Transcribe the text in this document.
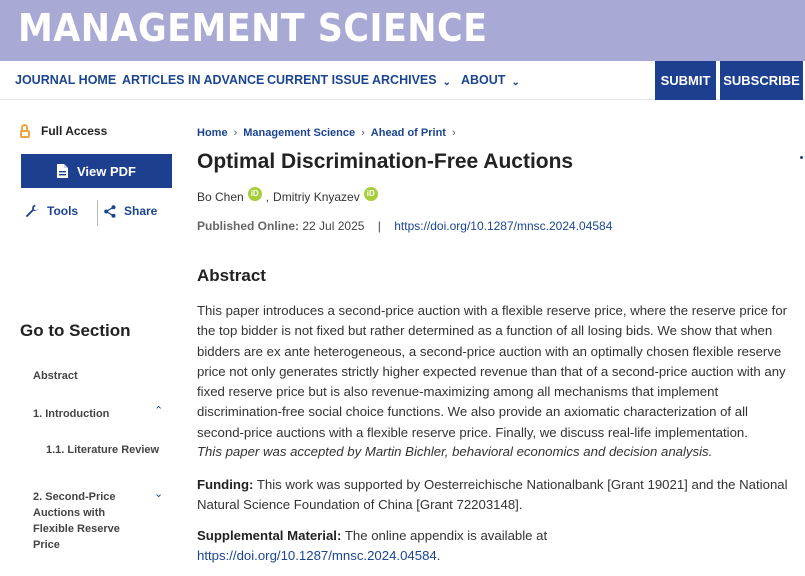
MANAGEMENT SCIENCE
JOURNAL HOME ARTICLES IN ADVANCE CURRENT ISSUE ARCHIVES ⌄ ABOUT ⌄	SUBMIT SUBSCRIBE
Full Access
View PDF
Tools	Share
Go to Section
Abstract
1. Introduction	⌃
1.1. Literature Review
2. Second-Price
Auctions with
Flexible Reserve
Price
⌄
Home › Management Science › Ahead of Print ›
Optimal Discrimination-Free Auctions
Bo Chen iD , Dmitriy Knyazev iD
Published Online: 22 Jul 2025 | https://doi.org/10.1287/mnsc.2024.04584
Abstract
This paper introduces a second-price auction with a flexible reserve price, where the reserve price for the top bidder is not fixed but rather determined as a function of all losing bids. We show that when bidders are ex ante heterogeneous, a second-price auction with an optimally chosen flexible reserve price not only generates strictly higher expected revenue than that of a second-price auction with any fixed reserve price but is also revenue-maximizing among all mechanisms that implement discrimination-free social choice functions. We also provide an axiomatic characterization of all second-price auctions with a flexible reserve price. Finally, we discuss real-life implementation.
This paper was accepted by Martin Bichler, behavioral economics and decision analysis.
Funding: This work was supported by Oesterreichische Nationalbank [Grant 19021] and the National Natural Science Foundation of China [Grant 72203148].
Supplemental Material: The online appendix is available at
https://doi.org/10.1287/mnsc.2024.04584.
